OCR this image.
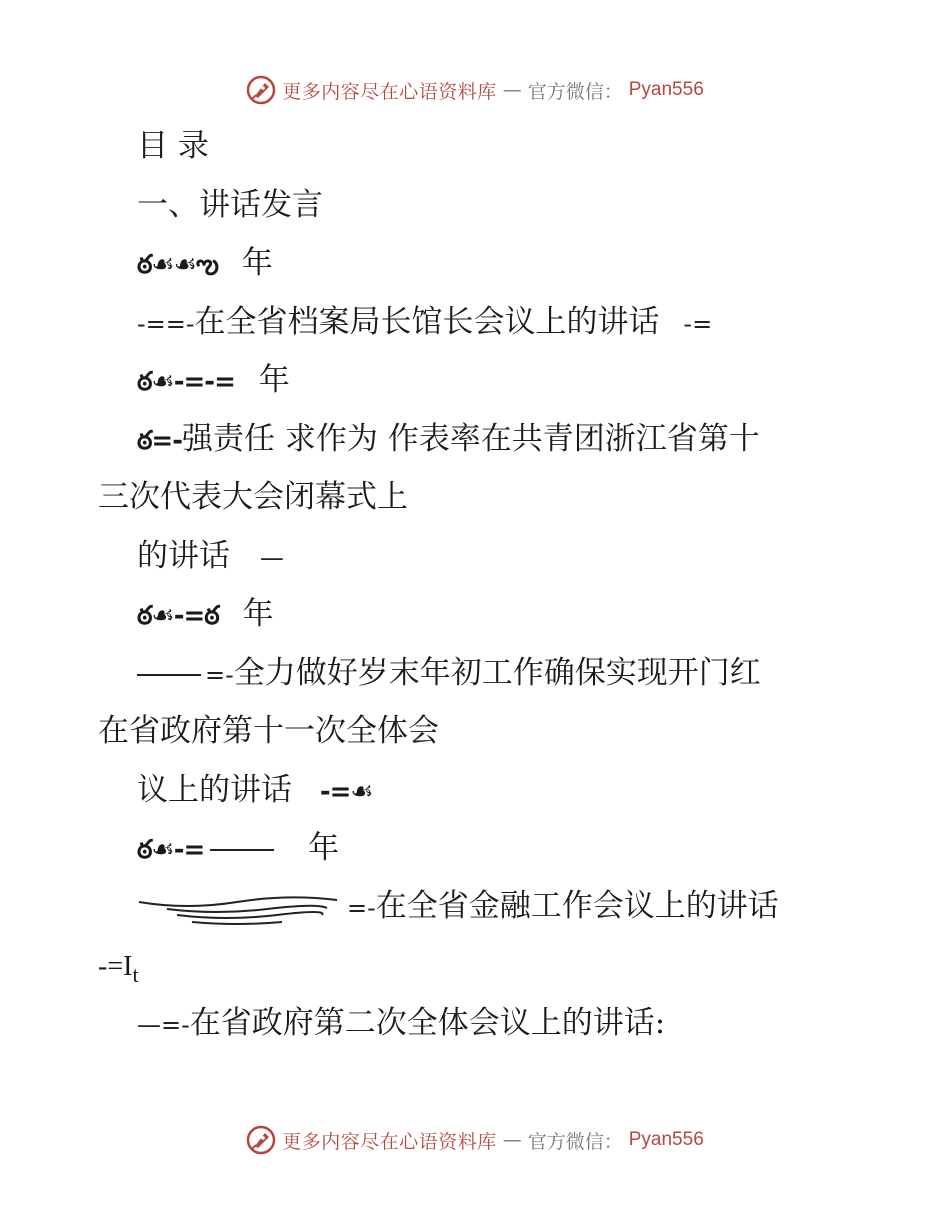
更多内容尽在心语资料库 — 官方微信： Pyan556
目 录
一、讲话发言
ఠ☙☙ఌ 年
-==-在全省档案局长馆长会议上的讲话 -=
ఠ☙-=-= 年
ఠ=-强责任 求作为 作表率在共青团浙江省第十
三次代表大会闭幕式上
的讲话 —
ఠ☙-=ఠ 年
=-全力做好岁末年初工作确保实现开门红
在省政府第十一次全体会
议上的讲话 -=☙
ఠ☙-=	年
=-在全省金融工作会议上的讲话
$-=I_t$
—=-在省政府第二次全体会议上的讲话:
更多内容尽在心语资料库 — 官方微信： Pyan556
